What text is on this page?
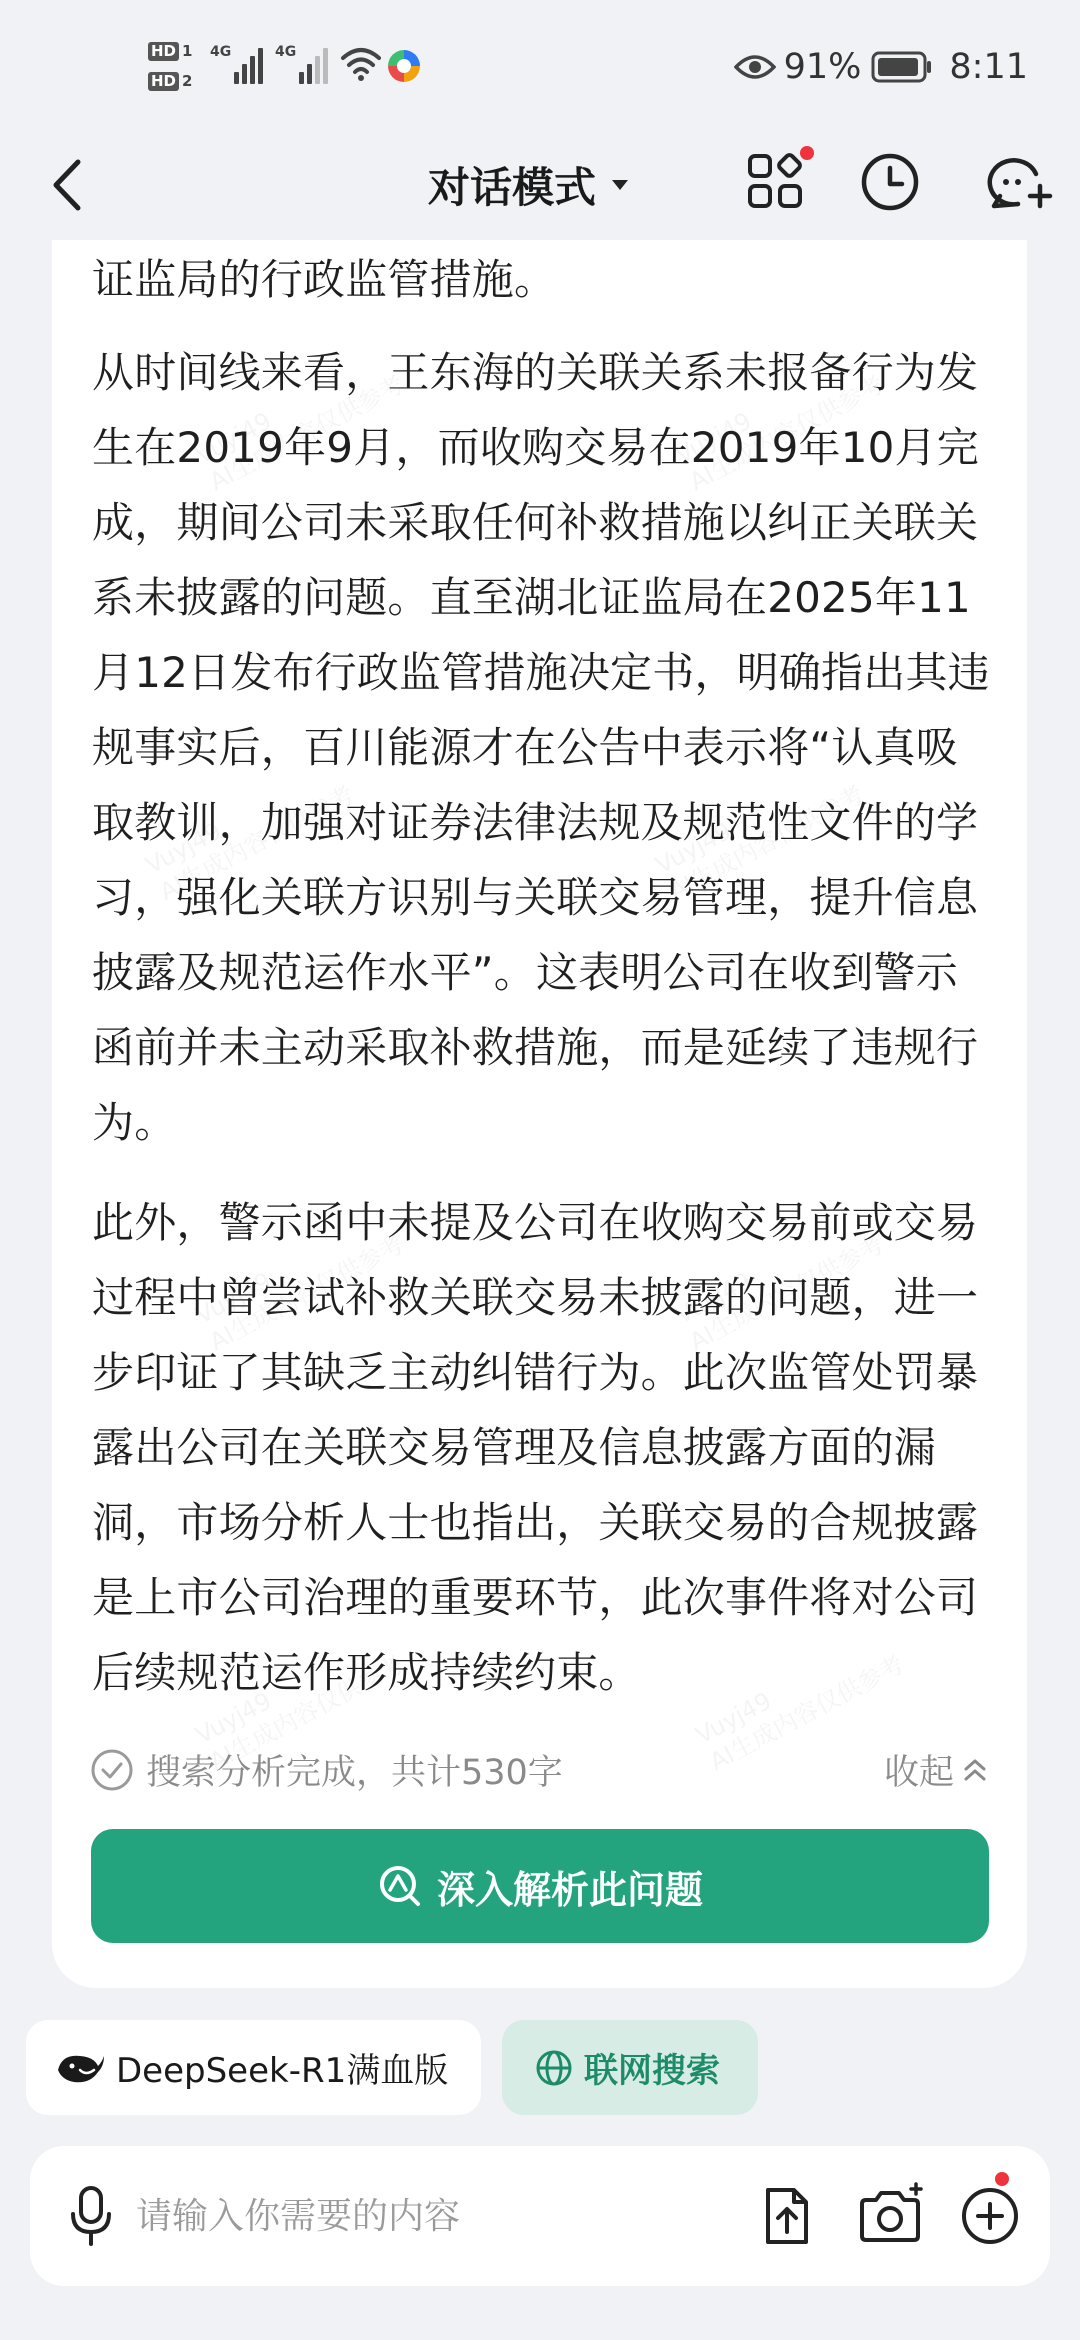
HD 1
HD 2
4G	4G	91%	8:11
对话模式

证监局的行政监管措施。

从时间线来看，王东海的关联关系未报备行为发生在2019年9月，而收购交易在2019年10月完成，期间公司未采取任何补救措施以纠正关联关系未披露的问题。直至湖北证监局在2025年11月12日发布行政监管措施决定书，明确指出其违规事实后，百川能源才在公告中表示将“认真吸取教训，加强对证券法律法规及规范性文件的学习，强化关联方识别与关联交易管理，提升信息披露及规范运作水平”。这表明公司在收到警示函前并未主动采取补救措施，而是延续了违规行为。

此外，警示函中未提及公司在收购交易前或交易过程中曾尝试补救关联交易未披露的问题，进一步印证了其缺乏主动纠错行为。此次监管处罚暴露出公司在关联交易管理及信息披露方面的漏洞，市场分析人士也指出，关联交易的合规披露是上市公司治理的重要环节，此次事件将对公司后续规范运作形成持续约束。

搜索分析完成，共计530字	收起
深入解析此问题
DeepSeek-R1满血版	联网搜索
请输入你需要的内容
